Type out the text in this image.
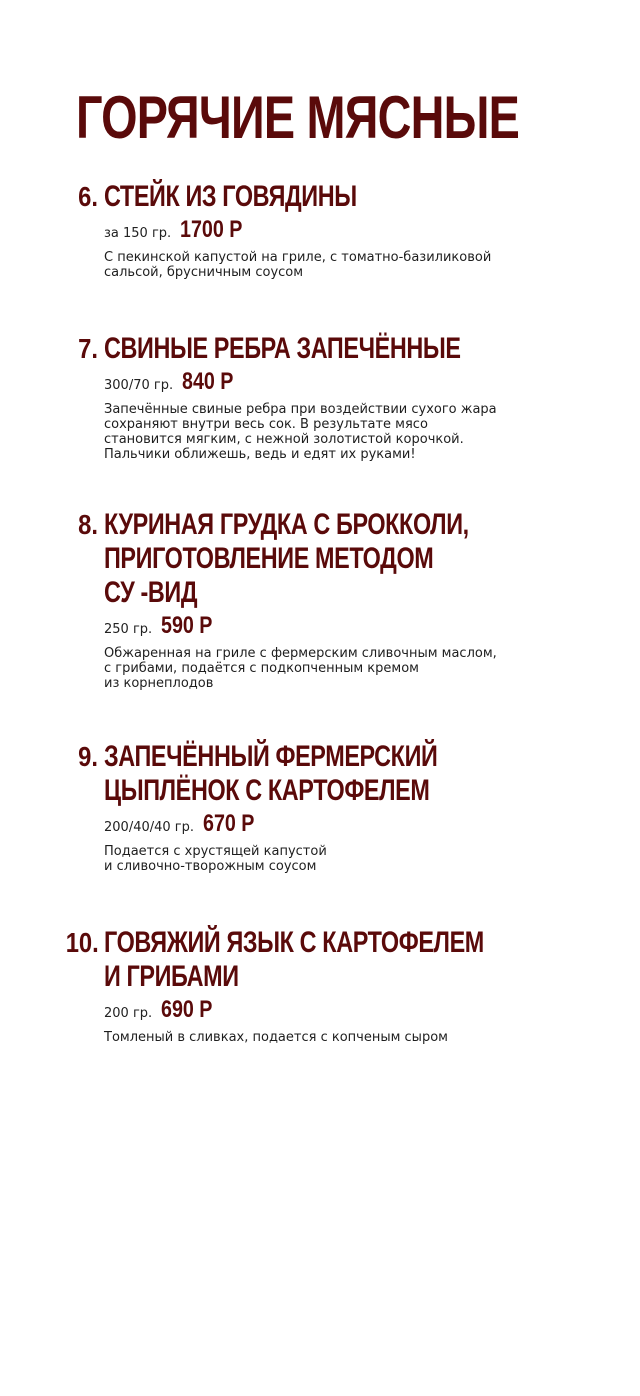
ГОРЯЧИЕ МЯСНЫЕ
6. СТЕЙК ИЗ ГОВЯДИНЫ
за 150 гр. 1700 Р
С пекинской капустой на гриле, с томатно-базиликовой
сальсой, брусничным соусом
7. СВИНЫЕ РЕБРА ЗАПЕЧЁННЫЕ
300/70 гр. 840 Р
Запечённые свиные ребра при воздействии сухого жара
сохраняют внутри весь сок. В результате мясо
становится мягким, с нежной золотистой корочкой.
Пальчики оближешь, ведь и едят их руками!
8. КУРИНАЯ ГРУДКА С БРОККОЛИ,
ПРИГОТОВЛЕНИЕ МЕТОДОМ
СУ -ВИД
250 гр. 590 Р
Обжаренная на гриле с фермерским сливочным маслом,
с грибами, подаётся с подкопченным кремом
из корнеплодов
9. ЗАПЕЧЁННЫЙ ФЕРМЕРСКИЙ
ЦЫПЛЁНОК С КАРТОФЕЛЕМ
200/40/40 гр. 670 Р
Подается с хрустящей капустой
и сливочно-творожным соусом
10. ГОВЯЖИЙ ЯЗЫК С КАРТОФЕЛЕМ
И ГРИБАМИ
200 гр. 690 Р
Томленый в сливках, подается с копченым сыром
